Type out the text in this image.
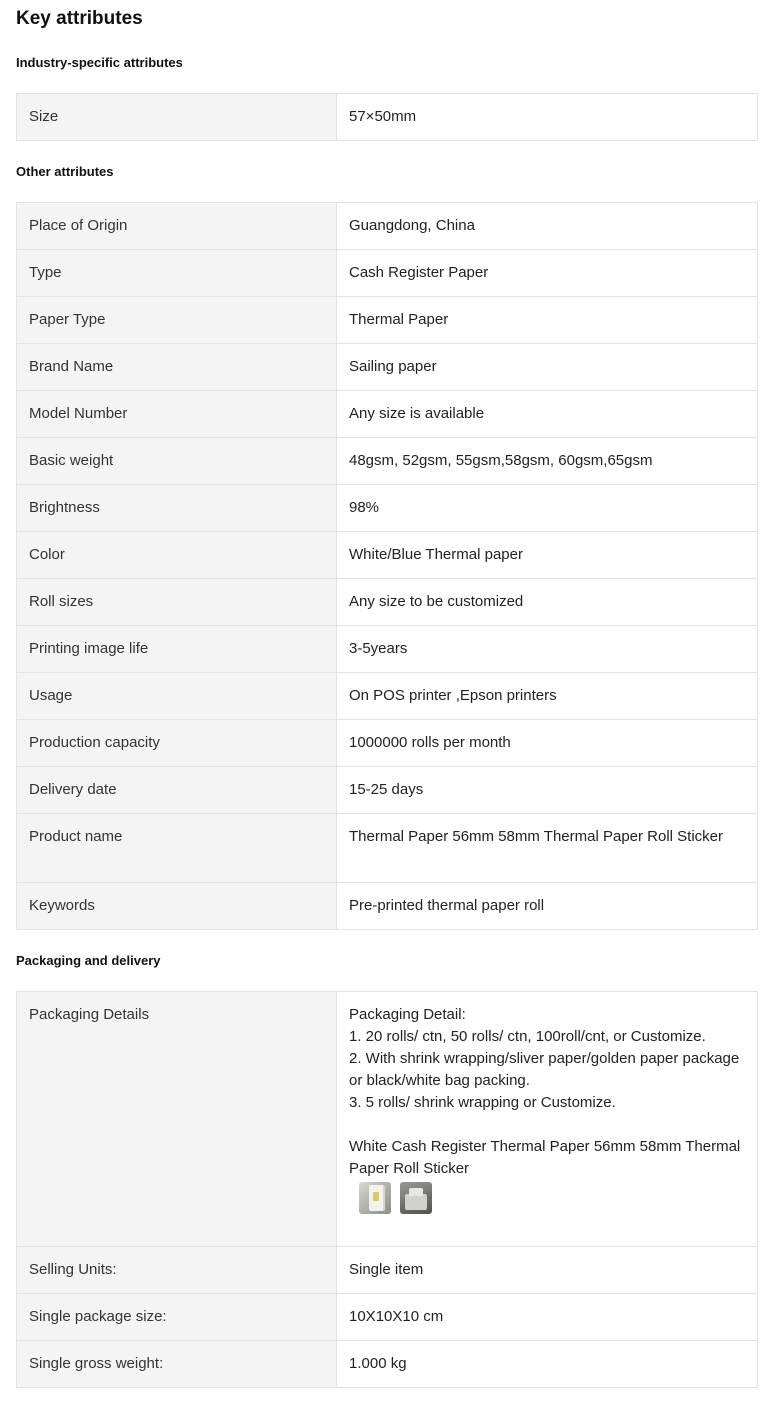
Key attributes
Industry-specific attributes
Size	57×50mm
Other attributes
Place of Origin	Guangdong, China
Type	Cash Register Paper
Paper Type	Thermal Paper
Brand Name	Sailing paper
Model Number	Any size is available
Basic weight	48gsm, 52gsm, 55gsm,58gsm, 60gsm,65gsm
Brightness	98%
Color	White/Blue Thermal paper
Roll sizes	Any size to be customized
Printing image life	3-5years
Usage	On POS printer ,Epson printers
Production capacity	1000000 rolls per month
Delivery date	15-25 days
Product name	Thermal Paper 56mm 58mm Thermal Paper Roll Sticker
Keywords	Pre-printed thermal paper roll
Packaging and delivery
Packaging Details	Packaging Detail:
1. 20 rolls/ ctn, 50 rolls/ ctn, 100roll/cnt, or Customize.
2. With shrink wrapping/sliver paper/golden paper package or black/white bag packing.
3. 5 rolls/ shrink wrapping or Customize.

White Cash Register Thermal Paper 56mm 58mm Thermal Paper Roll Sticker

Selling Units:	Single item
Single package size:	10X10X10 cm
Single gross weight:	1.000 kg
